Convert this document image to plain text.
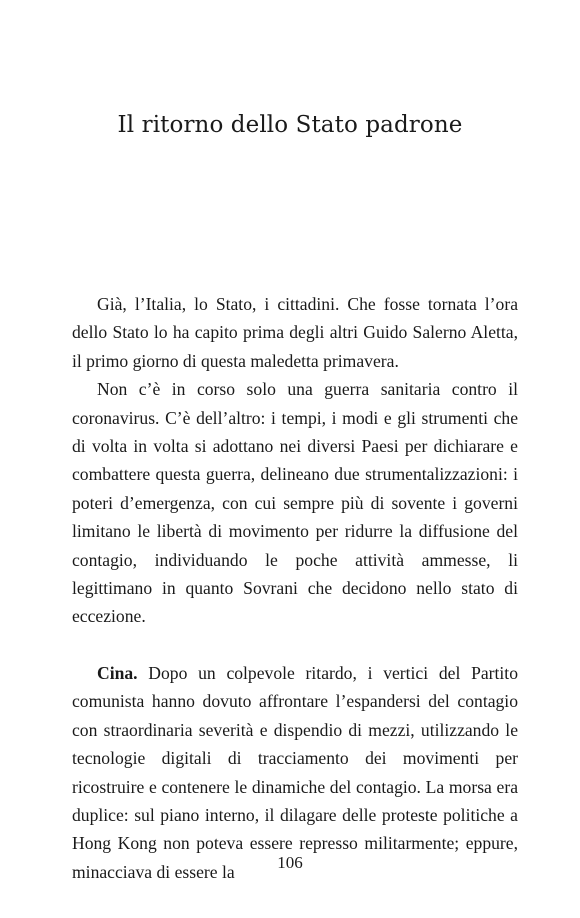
Il ritorno dello Stato padrone

Già, l’Italia, lo Stato, i cittadini. Che fosse tornata l’ora dello Stato lo ha capito prima degli altri Guido Salerno Aletta, il primo giorno di questa maledetta primavera.

Non c’è in corso solo una guerra sanitaria contro il coronavirus. C’è dell’altro: i tempi, i modi e gli strumenti che di volta in volta si adottano nei diversi Paesi per dichiarare e combattere questa guerra, delineano due strumentalizzazioni: i poteri d’emergenza, con cui sempre più di sovente i governi limitano le libertà di movimento per ridurre la diffusione del contagio, individuando le poche attività ammesse, li legittimano in quanto Sovrani che decidono nello stato di eccezione.

Cina. Dopo un colpevole ritardo, i vertici del Partito comunista hanno dovuto affrontare l’espandersi del contagio con straordinaria severità e dispendio di mezzi, utilizzando le tecnologie digitali di tracciamento dei movimenti per ricostruire e contenere le dinamiche del contagio. La morsa era duplice: sul piano interno, il dilagare delle proteste politiche a Hong Kong non poteva essere represso militarmente; eppure, minacciava di essere la	106
